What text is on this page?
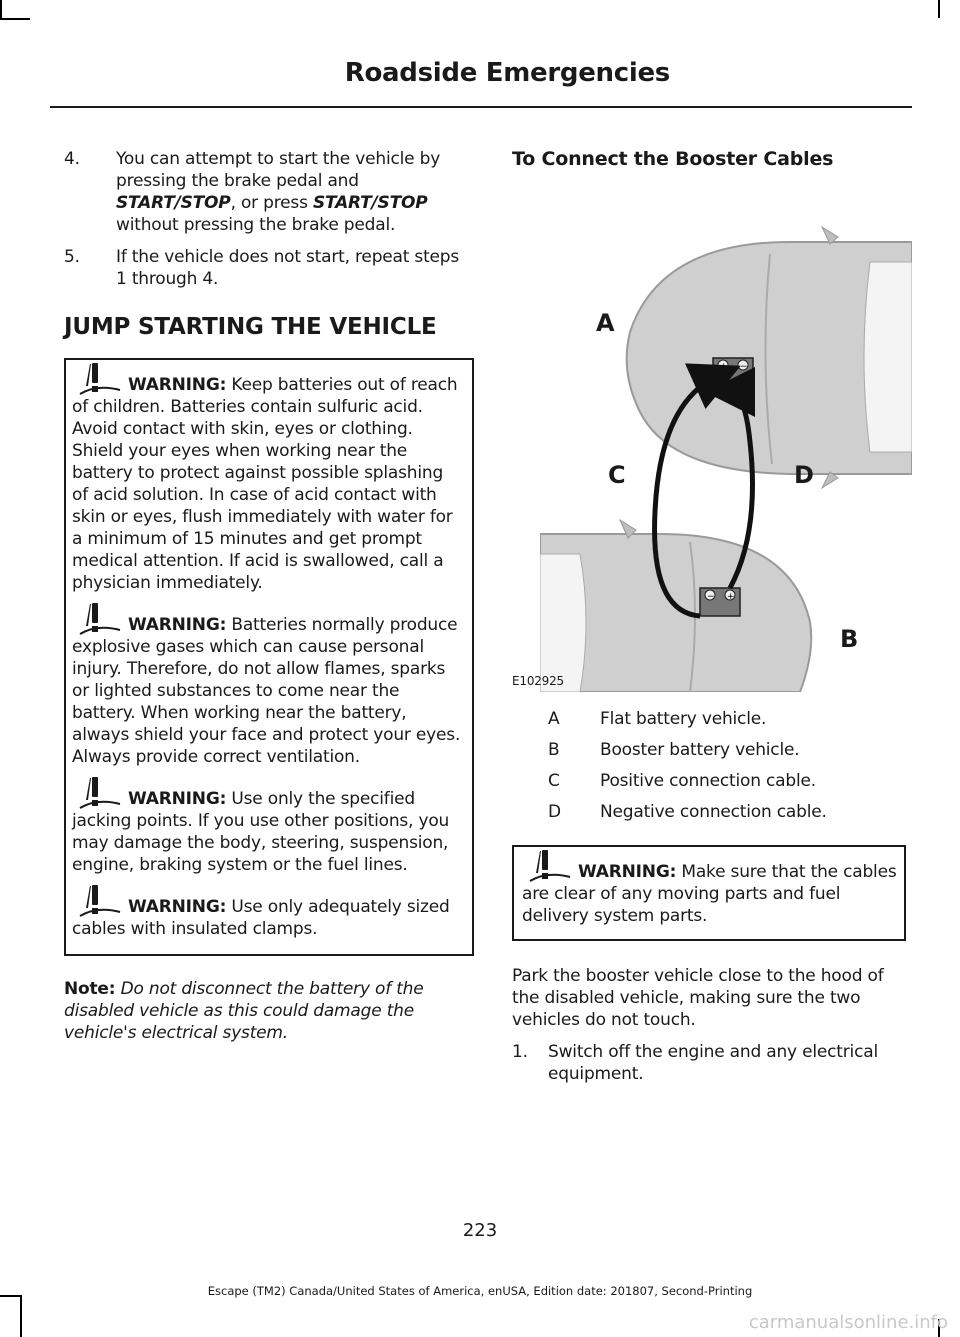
Roadside Emergencies
4. You can attempt to start the vehicle by pressing the brake pedal and START/STOP, or press START/STOP without pressing the brake pedal.
5. If the vehicle does not start, repeat steps 1 through 4.
JUMP STARTING THE VEHICLE
WARNING: Keep batteries out of reach of children. Batteries contain sulfuric acid. Avoid contact with skin, eyes or clothing. Shield your eyes when working near the battery to protect against possible splashing of acid solution. In case of acid contact with skin or eyes, flush immediately with water for a minimum of 15 minutes and get prompt medical attention. If acid is swallowed, call a physician immediately.
WARNING: Batteries normally produce explosive gases which can cause personal injury. Therefore, do not allow flames, sparks or lighted substances to come near the battery. When working near the battery, always shield your face and protect your eyes. Always provide correct ventilation.
WARNING: Use only the specified jacking points. If you use other positions, you may damage the body, steering, suspension, engine, braking system or the fuel lines.
WARNING: Use only adequately sized cables with insulated clamps.
Note: Do not disconnect the battery of the disabled vehicle as this could damage the vehicle's electrical system.
To Connect the Booster Cables
+ −
− +
A
B
C	D
E102925
A	Flat battery vehicle.
B	Booster battery vehicle.
C	Positive connection cable.
D	Negative connection cable.
WARNING: Make sure that the cables are clear of any moving parts and fuel delivery system parts.
Park the booster vehicle close to the hood of the disabled vehicle, making sure the two vehicles do not touch.
1. Switch off the engine and any electrical equipment.
223
Escape (TM2) Canada/United States of America, enUSA, Edition date: 201807, Second-Printing
carmanualsonline.info
